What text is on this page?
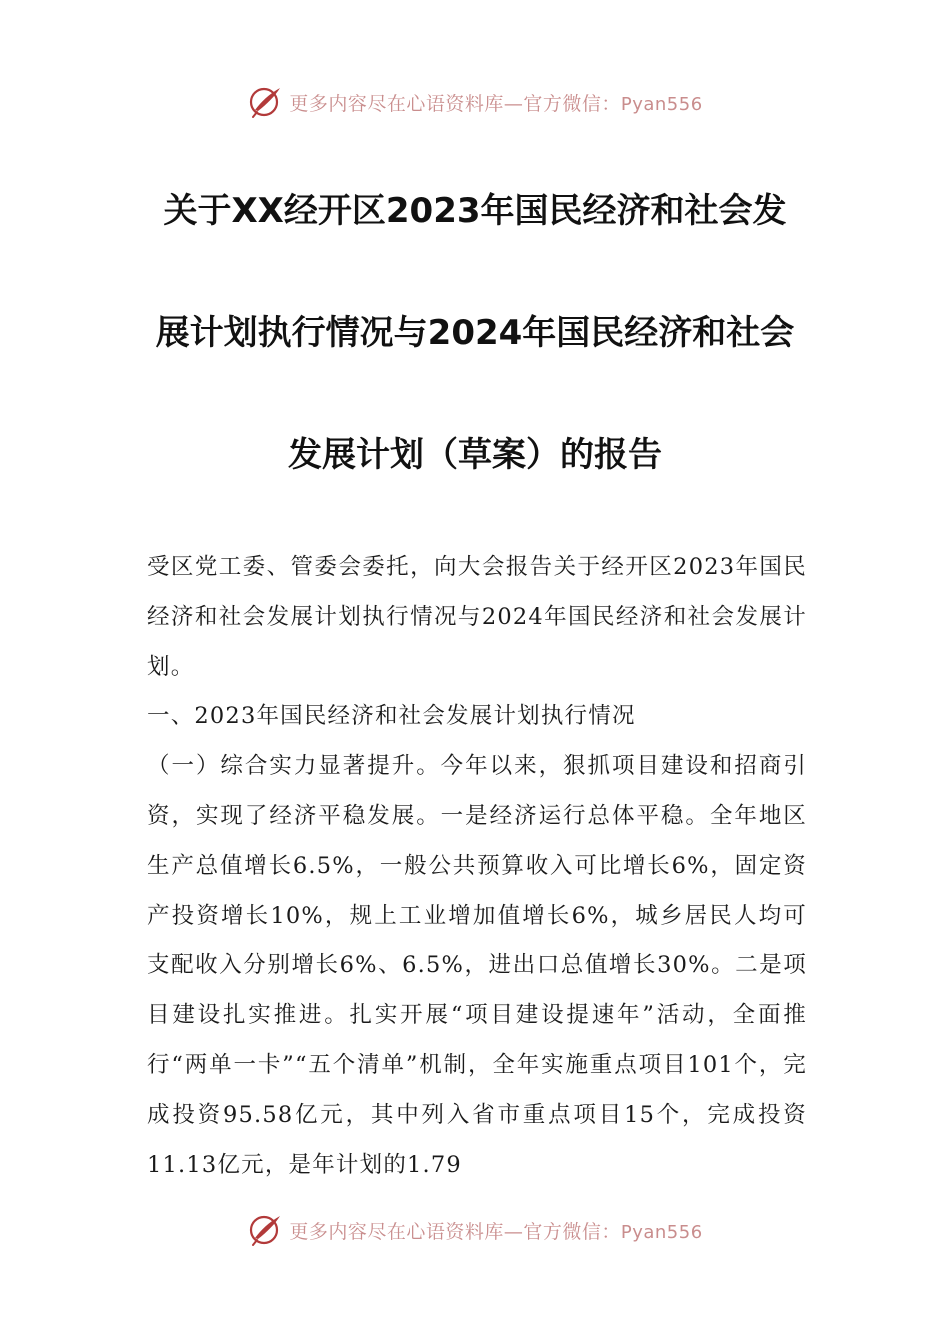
更多内容尽在心语资料库—官方微信：Pyan556
关于XX经开区2023年国民经济和社会发
展计划执行情况与2024年国民经济和社会
发展计划（草案）的报告

受区党工委、管委会委托，向大会报告关于经开区2023年国民经济和社会发展计划执行情况与2024年国民经济和社会发展计划。

一、2023年国民经济和社会发展计划执行情况

（一）综合实力显著提升。今年以来，狠抓项目建设和招商引资，实现了经济平稳发展。一是经济运行总体平稳。全年地区生产总值增长6.5%，一般公共预算收入可比增长6%，固定资产投资增长10%，规上工业增加值增长6%，城乡居民人均可支配收入分别增长6%、6.5%，进出口总值增长30%。二是项目建设扎实推进。扎实开展“项目建设提速年”活动，全面推行“两单一卡”“五个清单”机制，全年实施重点项目101个，完成投资95.58亿元，其中列入省市重点项目15个，完成投资11.13亿元，是年计划的1.79

更多内容尽在心语资料库—官方微信：Pyan556
